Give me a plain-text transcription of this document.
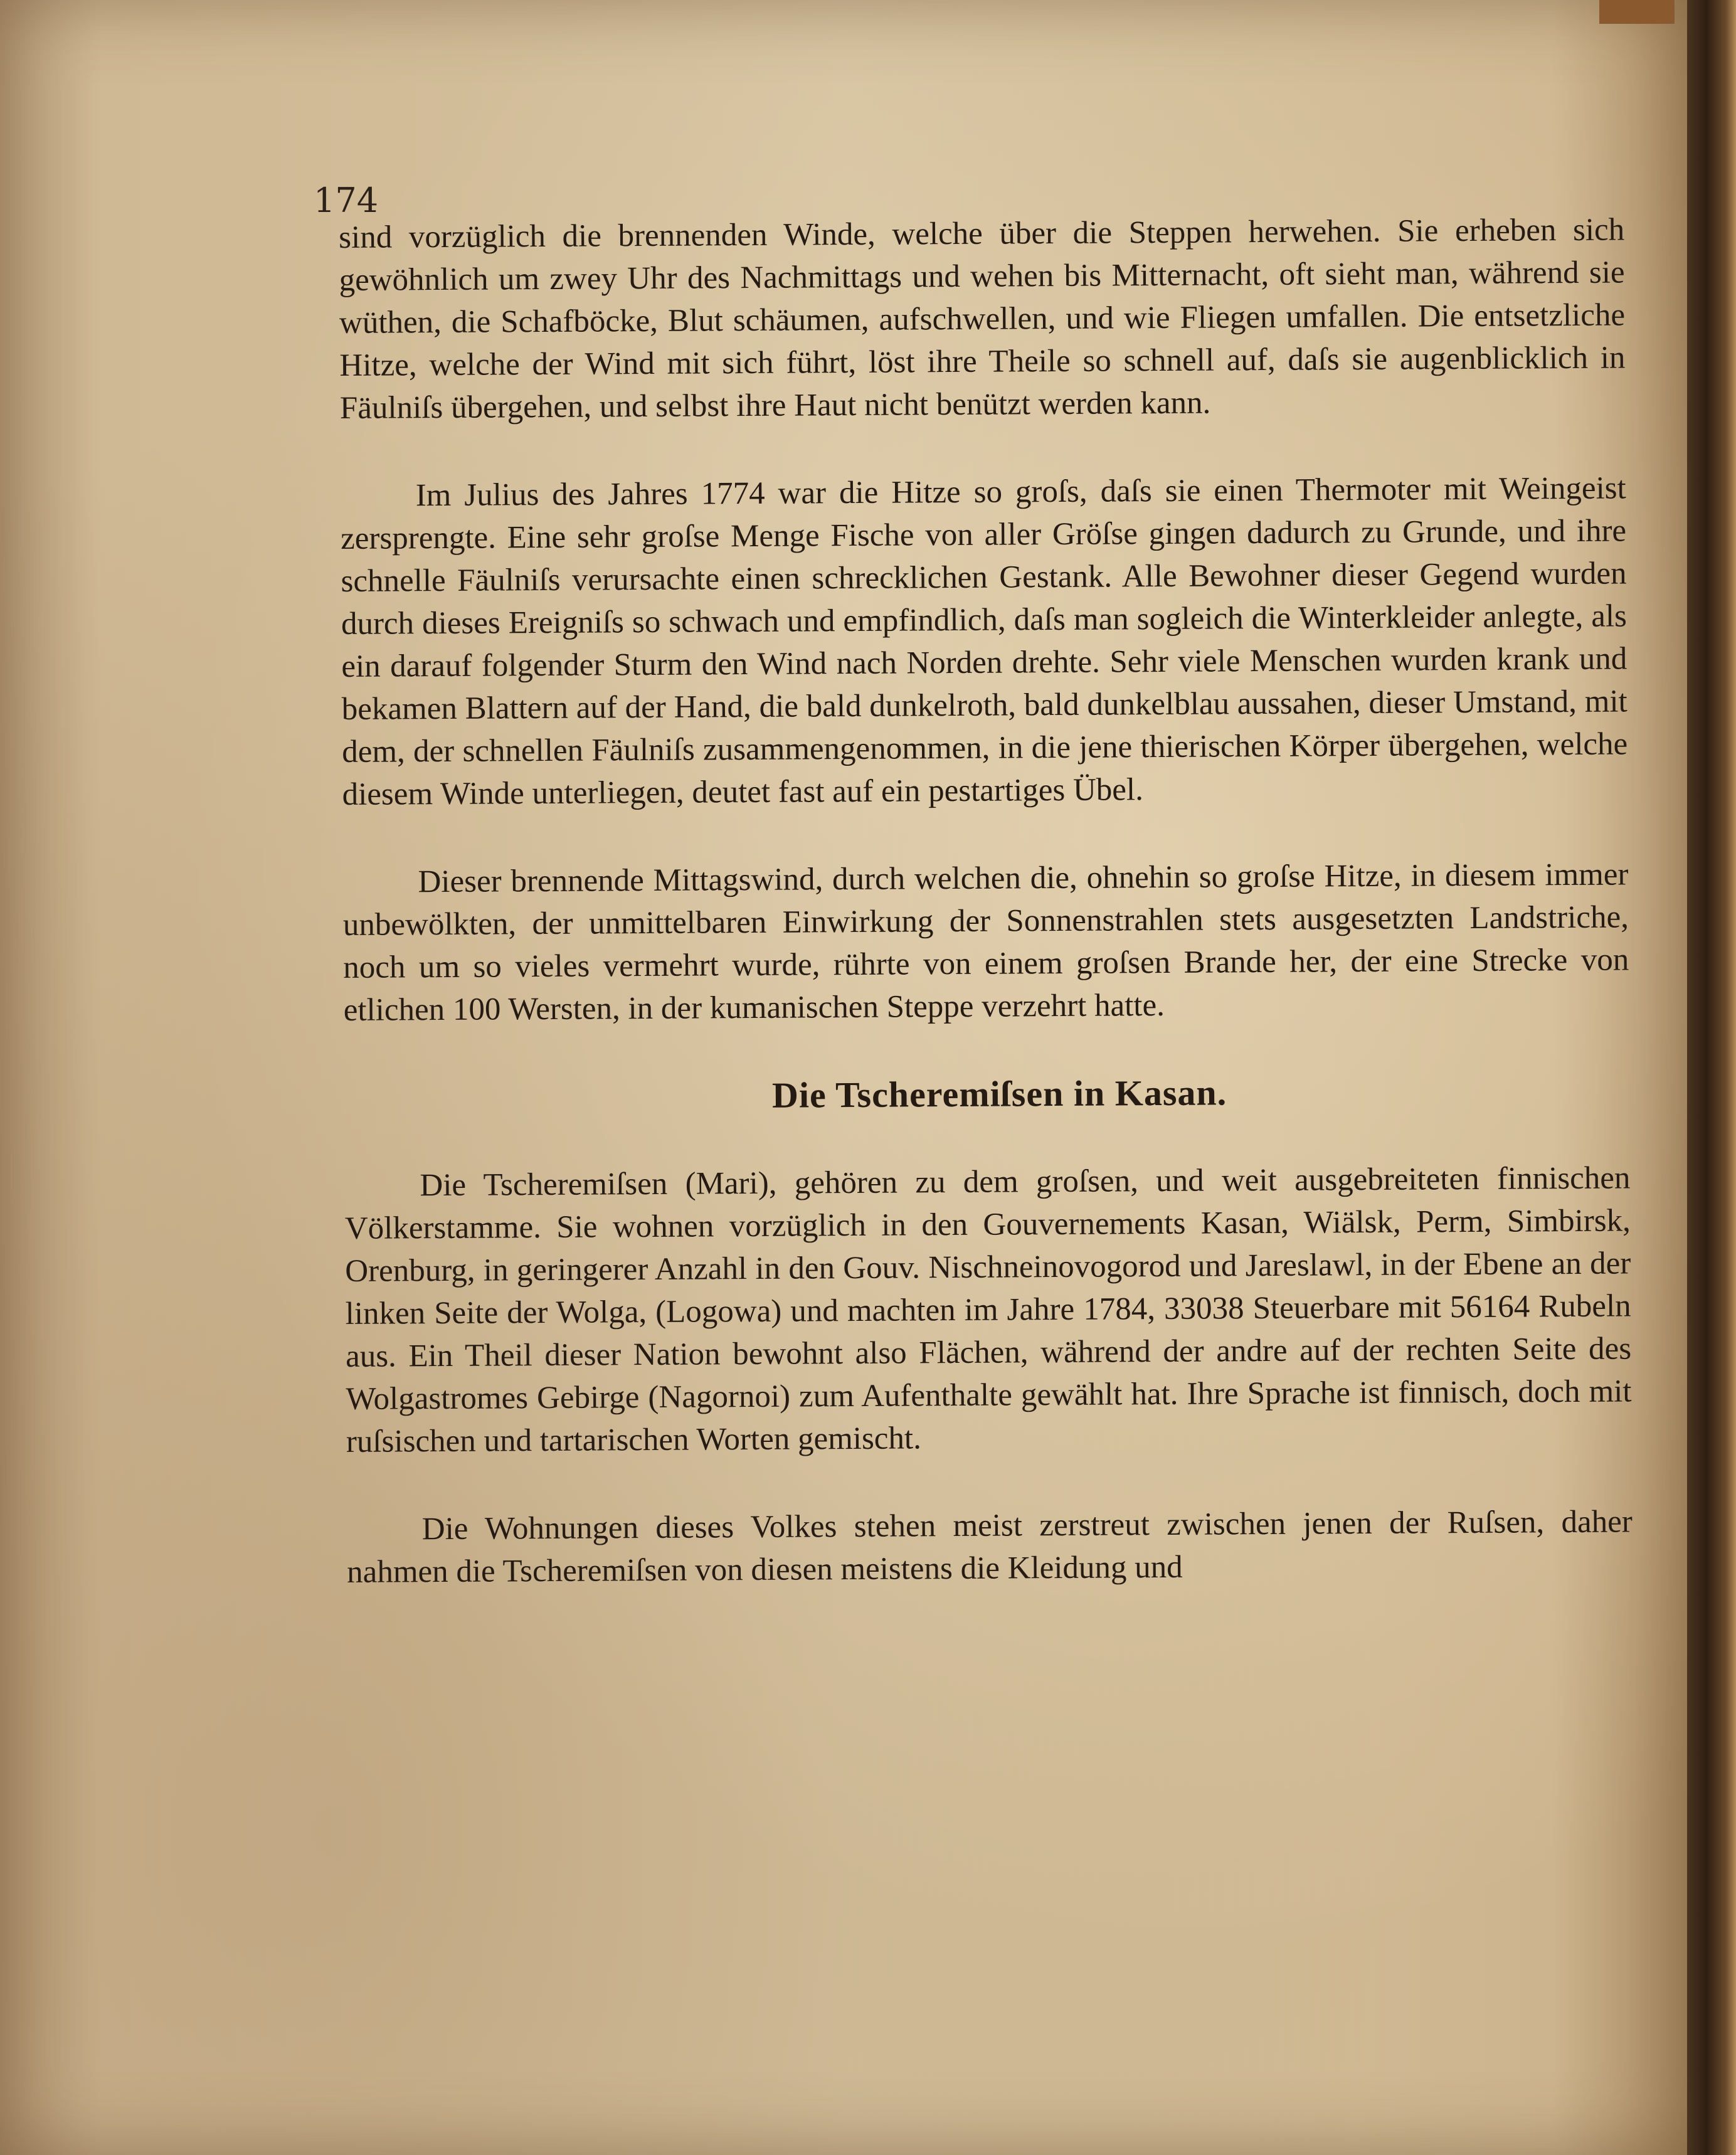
174

sind vorzüglich die brennenden Winde, welche über die Steppen herwehen. Sie erheben sich gewöhnlich um zwey Uhr des Nachmittags und wehen bis Mitternacht, oft sieht man, während sie wüthen, die Schafböcke, Blut schäumen, aufschwellen, und wie Fliegen umfallen. Die entsetzliche Hitze, welche der Wind mit sich führt, löst ihre Theile so schnell auf, daſs sie augenblicklich in Fäulniſs übergehen, und selbst ihre Haut nicht benützt werden kann.

Im Julius des Jahres 1774 war die Hitze so groſs, daſs sie einen Thermoter mit Weingeist zersprengte. Eine sehr groſse Menge Fische von aller Gröſse gingen dadurch zu Grunde, und ihre schnelle Fäulniſs verursachte einen schrecklichen Gestank. Alle Bewohner dieser Gegend wurden durch dieses Ereigniſs so schwach und empfindlich, daſs man sogleich die Winterkleider anlegte, als ein darauf folgender Sturm den Wind nach Norden drehte. Sehr viele Menschen wurden krank und bekamen Blattern auf der Hand, die bald dunkelroth, bald dunkelblau aussahen, dieser Umstand, mit dem, der schnellen Fäulniſs zusammengenommen, in die jene thierischen Körper übergehen, welche diesem Winde unterliegen, deutet fast auf ein pestartiges Übel.

Dieser brennende Mittagswind, durch welchen die, ohnehin so groſse Hitze, in diesem immer unbewölkten, der unmittelbaren Einwirkung der Sonnenstrahlen stets ausgesetzten Landstriche, noch um so vieles vermehrt wurde, rührte von einem groſsen Brande her, der eine Strecke von etlichen 100 Wersten, in der kumanischen Steppe verzehrt hatte.

Die Tscheremiſsen in Kasan.

Die Tscheremiſsen (Mari), gehören zu dem groſsen, und weit ausgebreiteten finnischen Völkerstamme. Sie wohnen vorzüglich in den Gouvernements Kasan, Wiälsk, Perm, Simbirsk, Orenburg, in geringerer Anzahl in den Gouv. Nischneinovogorod und Jareslawl, in der Ebene an der linken Seite der Wolga, (Logowa) und machten im Jahre 1784, 33038 Steuerbare mit 56164 Rubeln aus. Ein Theil dieser Nation bewohnt also Flächen, während der andre auf der rechten Seite des Wolgastromes Gebirge (Nagornoi) zum Aufenthalte gewählt hat. Ihre Sprache ist finnisch, doch mit ruſsischen und tartarischen Worten gemischt.

Die Wohnungen dieses Volkes stehen meist zerstreut zwischen jenen der Ruſsen, daher nahmen die Tscheremiſsen von diesen meistens die Kleidung und
